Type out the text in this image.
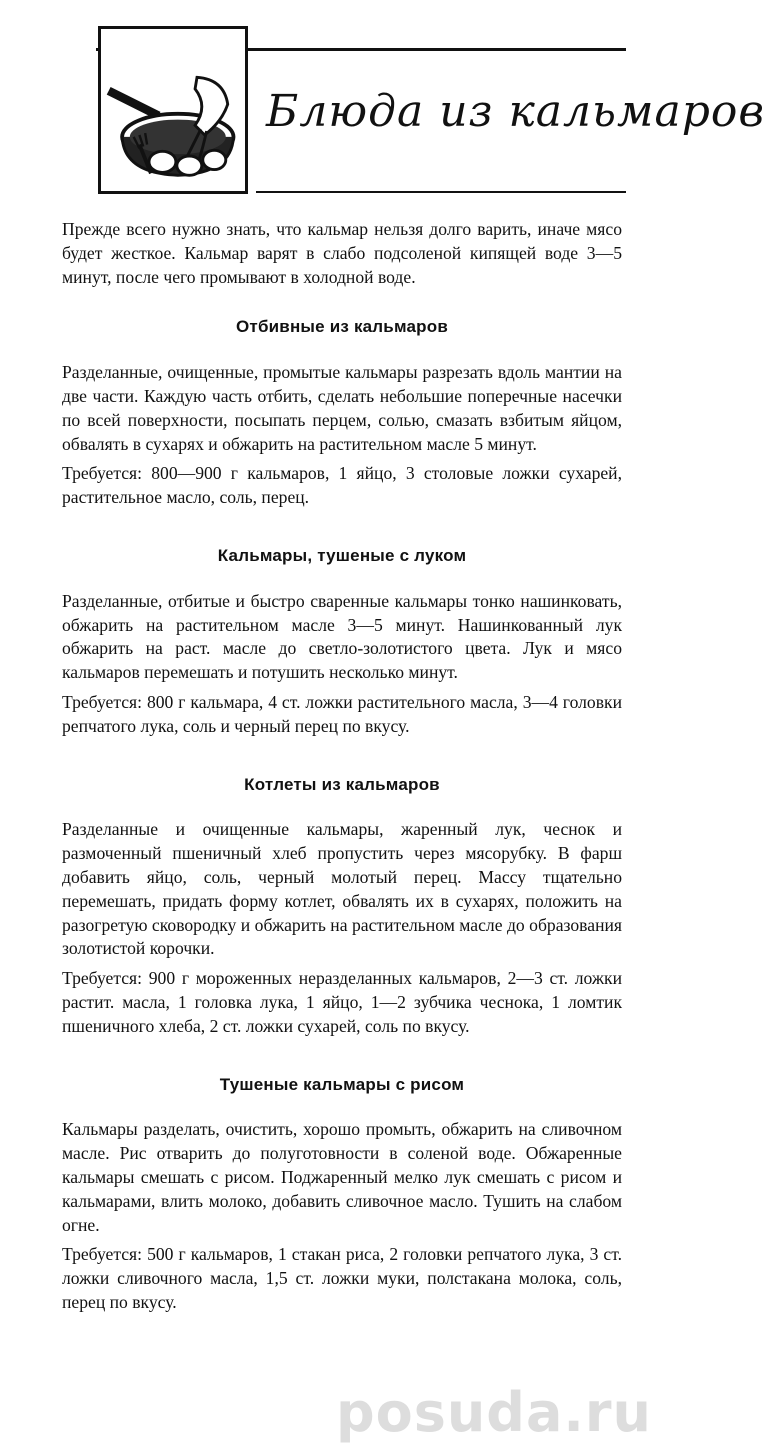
Блюда из кальмаров

Прежде всего нужно знать, что кальмар нельзя долго варить, иначе мясо будет жесткое. Кальмар варят в слабо подсоленой кипящей воде 3—5 минут, после чего промывают в холодной воде.

Отбивные из кальмаров

Разделанные, очищенные, промытые кальмары разрезать вдоль мантии на две части. Каждую часть отбить, сделать небольшие поперечные насечки по всей поверхности, посыпать перцем, солью, смазать взбитым яйцом, обвалять в сухарях и обжарить на растительном масле 5 минут.

Требуется: 800—900 г кальмаров, 1 яйцо, 3 столовые ложки сухарей, растительное масло, соль, перец.

Кальмары, тушеные с луком

Разделанные, отбитые и быстро сваренные кальмары тонко нашинковать, обжарить на растительном масле 3—5 минут. Нашинкованный лук обжарить на раст. масле до светло-золотистого цвета. Лук и мясо кальмаров перемешать и потушить несколько минут.

Требуется: 800 г кальмара, 4 ст. ложки растительного масла, 3—4 головки репчатого лука, соль и черный перец по вкусу.

Котлеты из кальмаров

Разделанные и очищенные кальмары, жаренный лук, чеснок и размоченный пшеничный хлеб пропустить через мясорубку. В фарш добавить яйцо, соль, черный молотый перец. Массу тщательно перемешать, придать форму котлет, обвалять их в сухарях, положить на разогретую сковородку и обжарить на растительном масле до образования золотистой корочки.

Требуется: 900 г мороженных неразделанных кальмаров, 2—3 ст. ложки растит. масла, 1 головка лука, 1 яйцо, 1—2 зубчика чеснока, 1 ломтик пшеничного хлеба, 2 ст. ложки сухарей, соль по вкусу.

Тушеные кальмары с рисом

Кальмары разделать, очистить, хорошо промыть, обжарить на сливочном масле. Рис отварить до полуготовности в соленой воде. Обжаренные кальмары смешать с рисом. Поджаренный мелко лук смешать с рисом и кальмарами, влить молоко, добавить сливочное масло. Тушить на слабом огне.

Требуется: 500 г кальмаров, 1 стакан риса, 2 головки репчатого лука, 3 ст. ложки сливочного масла, 1,5 ст. ложки муки, полстакана молока, соль, перец по вкусу.

posuda.ru
